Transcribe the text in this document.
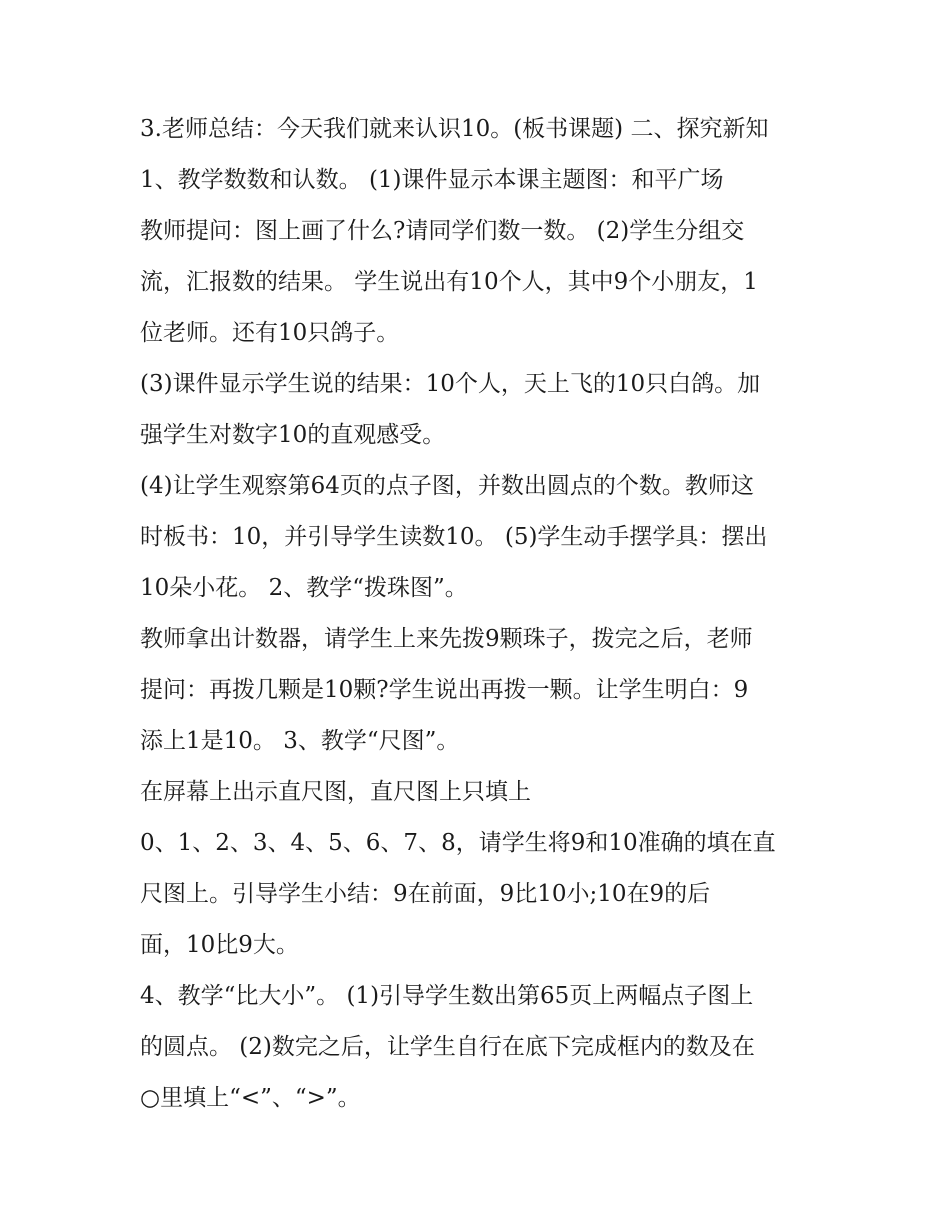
3.老师总结：今天我们就来认识10。(板书课题) 二、探究新知
1、教学数数和认数。 (1)课件显示本课主题图：和平广场
教师提问：图上画了什么?请同学们数一数。 (2)学生分组交
流，汇报数的结果。 学生说出有10个人，其中9个小朋友，1
位老师。还有10只鸽子。
(3)课件显示学生说的结果：10个人，天上飞的10只白鸽。加
强学生对数字10的直观感受。
(4)让学生观察第64页的点子图，并数出圆点的个数。教师这
时板书：10，并引导学生读数10。 (5)学生动手摆学具：摆出
10朵小花。 2、教学“拨珠图”。
教师拿出计数器，请学生上来先拨9颗珠子，拨完之后，老师
提问：再拨几颗是10颗?学生说出再拨一颗。让学生明白：9
添上1是10。 3、教学“尺图”。
在屏幕上出示直尺图，直尺图上只填上
0、1、2、3、4、5、6、7、8，请学生将9和10准确的填在直
尺图上。引导学生小结：9在前面，9比10小;10在9的后
面，10比9大。
4、教学“比大小”。 (1)引导学生数出第65页上两幅点子图上
的圆点。 (2)数完之后，让学生自行在底下完成框内的数及在
○里填上“<”、“>”。
